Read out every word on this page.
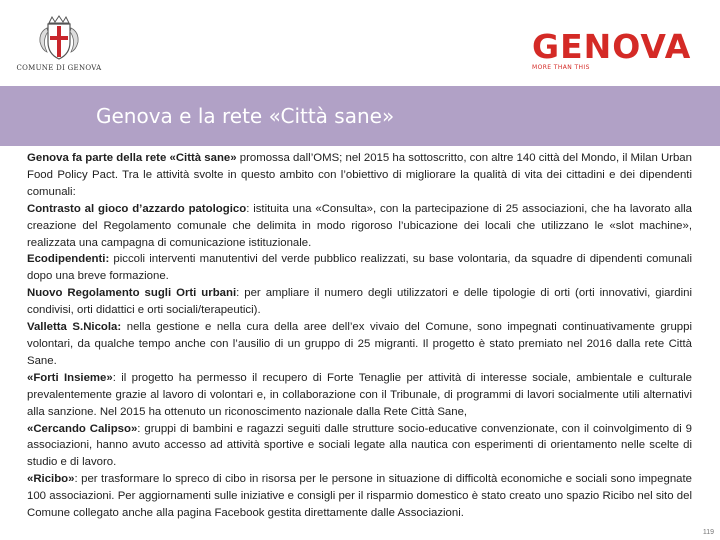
COMUNE DI GENOVA
GENOVA
MORE THAN THIS
Genova e la rete «Città sane»

Genova fa parte della rete «Città sane» promossa dall’OMS; nel 2015 ha sottoscritto, con altre 140 città del Mondo, il Milan Urban Food Policy Pact. Tra le attività svolte in questo ambito con l’obiettivo di migliorare la qualità di vita dei cittadini e dei dipendenti comunali:

Contrasto al gioco d’azzardo patologico: istituita una «Consulta», con la partecipazione di 25 associazioni, che ha lavorato alla creazione del Regolamento comunale che delimita in modo rigoroso l’ubicazione dei locali che utilizzano le «slot machine», realizzata una campagna di comunicazione istituzionale.

Ecodipendenti: piccoli interventi manutentivi del verde pubblico realizzati, su base volontaria, da squadre di dipendenti comunali dopo una breve formazione.

Nuovo Regolamento sugli Orti urbani: per ampliare il numero degli utilizzatori e delle tipologie di orti (orti innovativi, giardini condivisi, orti didattici e orti sociali/terapeutici).

Valletta S.Nicola: nella gestione e nella cura della aree dell’ex vivaio del Comune, sono impegnati continuativamente gruppi volontari, da qualche tempo anche con l’ausilio di un gruppo di 25 migranti. Il progetto è stato premiato nel 2016 dalla rete Città Sane.

«Forti Insieme»: il progetto ha permesso il recupero di Forte Tenaglie per attività di interesse sociale, ambientale e culturale prevalentemente grazie al lavoro di volontari e, in collaborazione con il Tribunale, di programmi di lavori socialmente utili alternativi alla sanzione. Nel 2015 ha ottenuto un riconoscimento nazionale dalla Rete Città Sane,

«Cercando Calipso»: gruppi di bambini e ragazzi seguiti dalle strutture socio-educative convenzionate, con il coinvolgimento di 9 associazioni, hanno avuto accesso ad attività sportive e sociali legate alla nautica con esperimenti di orientamento nelle scelte di studio e di lavoro.

«Ricibo»: per trasformare lo spreco di cibo in risorsa per le persone in situazione di difficoltà economiche e sociali sono impegnate 100 associazioni. Per aggiornamenti sulle iniziative e consigli per il risparmio domestico è stato creato uno spazio Ricibo nel sito del Comune collegato anche alla pagina Facebook gestita direttamente dalle Associazioni.

119
